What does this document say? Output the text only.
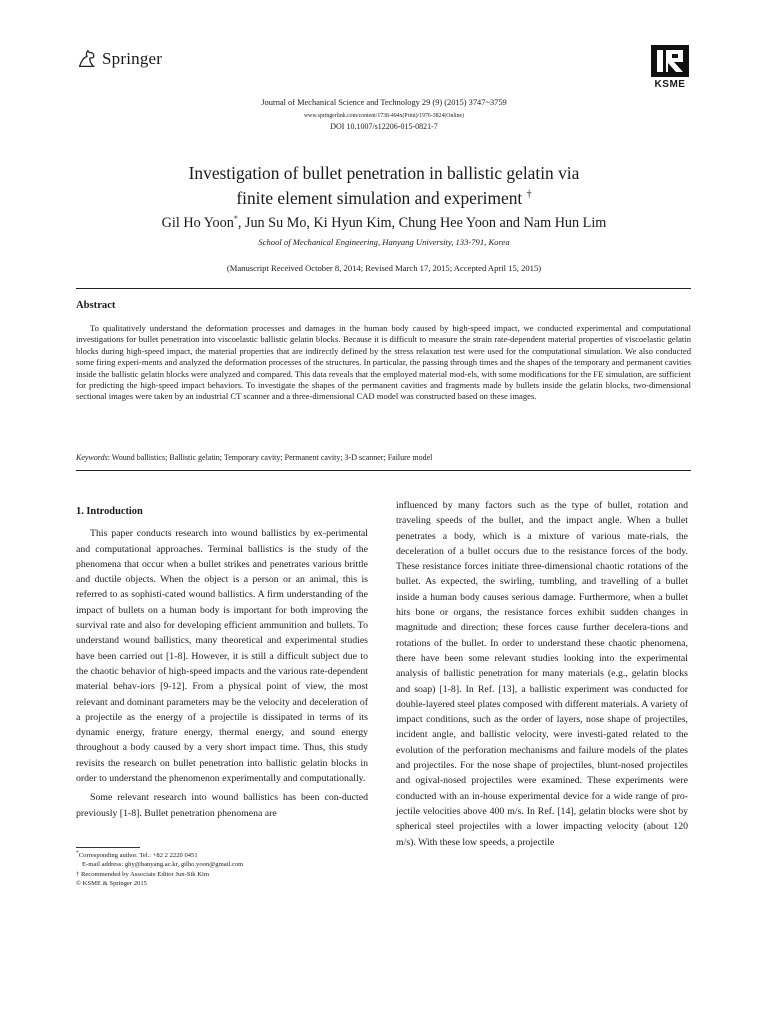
Springer
KSME
Journal of Mechanical Science and Technology 29 (9) (2015) 3747~3759
www.springerlink.com/content/1738-494x(Print)/1976-3824(Online)
DOI 10.1007/s12206-015-0821-7
Investigation of bullet penetration in ballistic gelatin via
finite element simulation and experiment †
Gil Ho Yoon*, Jun Su Mo, Ki Hyun Kim, Chung Hee Yoon and Nam Hun Lim
School of Mechanical Engineering, Hanyang University, 133-791, Korea
(Manuscript Received October 8, 2014; Revised March 17, 2015; Accepted April 15, 2015)
Abstract

To qualitatively understand the deformation processes and damages in the human body caused by high-speed impact, we conducted experimental and computational investigations for bullet penetration into viscoelastic ballistic gelatin blocks. Because it is difficult to measure the strain rate-dependent material properties of viscoelastic gelatin blocks during high-speed impact, the material properties that are indirectly defined by the stress relaxation test were used for the computational simulation. We also conducted some firing experi-ments and analyzed the deformation processes of the structures. In particular, the passing through times and the shapes of the temporary and permanent cavities inside the ballistic gelatin blocks were analyzed and compared. This data reveals that the employed material mod-els, with some modifications for the FE simulation, are sufficient for predicting the high-speed impact behaviors. To investigate the shapes of the permanent cavities and fragments made by bullets inside the gelatin blocks, two-dimensional sectional images were taken by an industrial CT scanner and a three-dimensional CAD model was constructed based on these images.

Keywords: Wound ballistics; Ballistic gelatin; Temporary cavity; Permanent cavity; 3-D scanner; Failure model

1. Introduction

This paper conducts research into wound ballistics by ex-perimental and computational approaches. Terminal ballistics is the study of the phenomena that occur when a bullet strikes and penetrates various brittle and ductile objects. When the object is a person or an animal, this is referred to as sophisti-cated wound ballistics. A firm understanding of the impact of bullets on a human body is important for both improving the survival rate and also for developing efficient ammunition and bullets. To understand wound ballistics, many theoretical and experimental studies have been carried out [1-8]. However, it is still a difficult subject due to the chaotic behavior of high-speed impacts and the various rate-dependent material behav-iors [9-12]. From a physical point of view, the most relevant and dominant parameters may be the velocity and deceleration of a projectile as the energy of a projectile is dissipated in terms of its dynamic energy, frature energy, thermal energy, and sound energy throughout a body caused by a very short impact time. Thus, this study revisits the research on bullet penetration into ballistic gelatin blocks in order to understand the phenomenon experimentally and computationally.

Some relevant research into wound ballistics has been con-ducted previously [1-8]. Bullet penetration phenomena are

influenced by many factors such as the type of bullet, rotation and traveling speeds of the bullet, and the impact angle. When a bullet penetrates a body, which is a mixture of various mate-rials, the deceleration of a bullet occurs due to the resistance forces of the body. These resistance forces initiate three-dimensional chaotic rotations of the bullet. As expected, the swirling, tumbling, and travelling of a bullet inside a human body causes serious damage. Furthermore, when a bullet hits bone or organs, the resistance forces exhibit sudden changes in magnitude and direction; these forces cause further decelera-tions and rotations of the bullet. In order to understand these chaotic phenomena, there have been some relevant studies looking into the experimental analysis of ballistic penetration for many materials (e.g., gelatin blocks and soap) [1-8]. In Ref. [13], a ballistic experiment was conducted for double-layered steel plates composed with different materials. A variety of impact conditions, such as the order of layers, nose shape of projectiles, incident angle, and ballistic velocity, were investi-gated related to the evolution of the perforation mechanisms and failure models of the plates and projectiles. For the nose shape of projectiles, blunt-nosed projectiles and ogival-nosed projectiles were examined. These experiments were conducted with an in-house experimental device for a wide range of pro-jectile velocities above 400 m/s. In Ref. [14], gelatin blocks were shot by spherical steel projectiles with a lower impacting velocity (about 120 m/s). With these low speeds, a projectile

*Corresponding author. Tel.: +82 2 2220 0451
E-mail address: ghy@hanyang.ac.kr, gilho.yoon@gmail.com
† Recommended by Associate Editor Jun-Sik Kim
© KSME & Springer 2015
